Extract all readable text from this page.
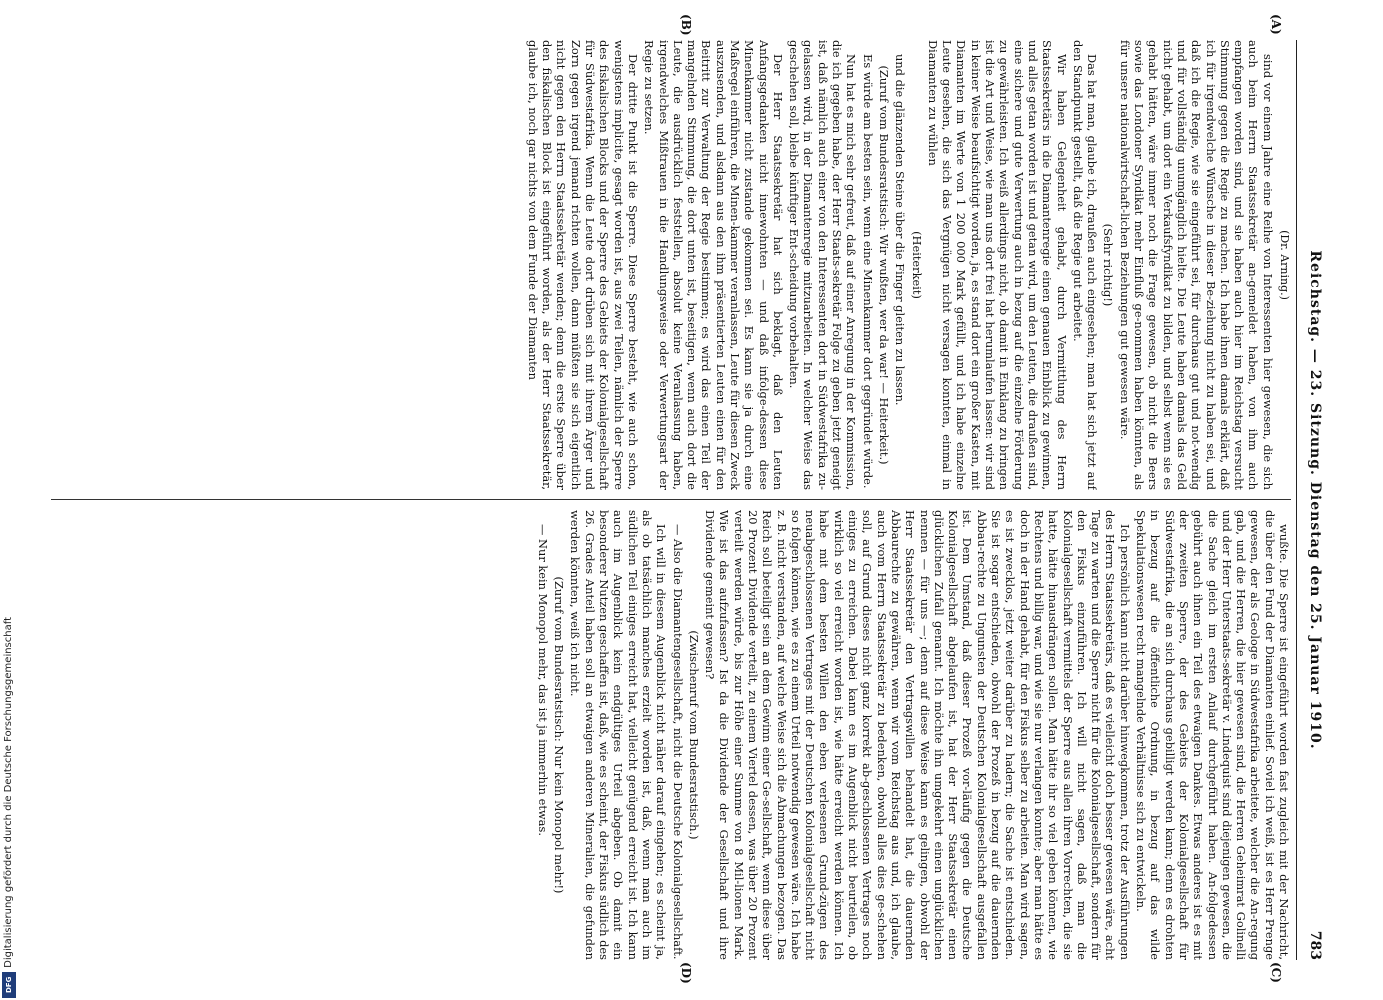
Reichstag. — 23. Sitzung. Dienstag den 25. Januar 1910.
783
(A)
(B)
(C)
(D)

(Dr. Arning.)

sind vor einem Jahre eine Reihe von Interessenten hier gewesen, die sich auch beim Herrn Staatssekretär an-gemeldet haben, von ihm auch empfangen worden sind, und sie haben auch hier im Reichstag versucht Stimmung gegen die Regie zu machen. Ich habe ihnen damals erklärt, daß ich für irgendwelche Wünsche in dieser Be-ziehung nicht zu haben sei, und daß ich die Regie, wie sie eingeführt sei, für durchaus gut und not-wendig und für vollständig unumgänglich hielte. Die Leute haben damals das Geld nicht gehabt, um dort ein Verkaufsfyndikat zu bilden, und selbst wenn sie es gehabt hätten, wäre immer noch die Frage gewesen, ob nicht die Beers sowie das Londoner Syndikat mehr Einfluß ge-nommen haben könnten, als für unsere nationalwirtschaft-lichen Beziehungen gut gewesen wäre.

(Sehr richtig!)

Das hat man, glaube ich, draußen auch eingesehen; man hat sich jetzt auf den Standpunkt gestellt, daß die Regie gut arbeitet.

Wir haben Gelegenheit gehabt, durch Vermittlung des Herrn Staatssekretärs in die Diamantenregie einen genauen Einblick zu gewinnen, und alles getan worden ist und getan wird, um den Leuten, die draußen sind, eine sichere und gute Verwertung auch in bezug auf die einzelne Förderung zu gewährleisten. Ich weiß allerdings nicht, ob damit in Einklang zu bringen ist die Art und Weise, wie man uns dort frei hat herumlaufen lassen: wir sind in keiner Weise beaufsichtigt worden, ja, es stand dort ein großer Kasten, mit Diamanten im Werte von 1 200 000 Mark gefüllt, und ich habe einzelne Leute gesehen, die sich das Vergnügen nicht versagen konnten, einmal in Diamanten zu wühlen

(Heiterkeit)

und die glänzenden Steine über die Finger gleiten zu lassen.

(Zuruf vom Bundesratstisch: Wir wußten, wer da war! — Heiterkeit.)

Es würde am besten sein, wenn eine Minenkammer dort gegründet würde.

Nun hat es mich sehr gefreut, daß auf einer Anregung in der Kommission, die ich gegeben habe, der Herr Staats-sekretär Folge zu geben jetzt geneigt ist, daß nämlich auch einer von den Interessenten dort in Südwestafrika zu-gelassen wird, in der Diamantenregie mitzuarbeiten. In welcher Weise das geschehen soll, bleibe künftiger Ent-scheidung vorbehalten.

Der Herr Staatssekretär hat sich beklagt, daß den Leuten Anfangsgedanken nicht innewohnten — und daß infolge-dessen diese Minenkammer nicht zustande gekommen sei. Es kann sie ja durch eine Maßregel einführen, die Minen-kammer veranlassen, Leute für diesen Zweck auszusenden, und alsdann aus den ihm präsentierten Leuten einen für den Beitritt zur Verwaltung der Regie bestimmen; es wird das einen Teil der mangelnden Stimmung, die dort unten ist, beseitigen, wenn auch dort die Leute, die ausdrücklich feststellen, absolut keine Veranlassung haben, irgendwelches Mißtrauen in die Handlungsweise oder Verwertungsart der Regie zu setzen.

Der dritte Punkt ist die Sperre. Diese Sperre besteht, wie auch schon, wenigstens implicite, gesagt worden ist, aus zwei Teilen, nämlich der Sperre des fiskalischen Blocks und der Sperre des Gebiets der Kolonialgesellschaft für Südwestafrika. Wenn die Leute dort drüben sich mit ihrem Ärger und Zorn gegen irgend jemand richten wollen, dann müßten sie sich eigentlich nicht gegen den Herrn Staatssekretär wenden; denn die erste Sperre über den fiskalischen Block ist eingeführt worden, als der Herr Staatssekretär, glaube ich, noch gar nichts von dem Funde der Diamanten

wußte. Die Sperre ist eingeführt worden fast zugleich mit der Nachricht, die über den Fund der Diamanten einlief. Soviel ich weiß, ist es Herr Prenge gewesen, der als Geologe in Südwestafrika arbeitete, welcher die An-regung gab, und die Herren, die hier gewesen sind, die Herren Geheimrat Golinelli und der Herr Unterstaats-sekretär v. Lindequist sind diejenigen gewesen, die die Sache gleich im ersten Anlauf durchgeführt haben. An-folgedessen gebührt auch ihnen ein Teil des etwaigen Dankes. Etwas anderes ist es mit der zweiten Sperre, der des Gebiets der Kolonialgesellschaft für Südwestafrika, die an sich durchaus gebilligt werden kann; denn es drohten in bezug auf die öffentliche Ordnung, in bezug auf das wilde Spekulationswesen recht mangelnde Verhältnisse sich zu entwickeln.

Ich persönlich kann nicht darüber hinwegkommen, trotz der Ausführungen des Herrn Staatssekretärs, daß es vielleicht doch besser gewesen wäre, acht Tage zu warten und die Sperre nicht für die Kolonialgesellschaft, sondern für den Fiskus einzuführen. Ich will nicht sagen, daß man die Kolonialgesellschaft vermittels der Sperre aus allen ihren Vorrechten, die sie hatte, hätte hinausdrängen sollen. Man hätte ihr so viel geben können, wie Rechtens und billig war, und wie sie nur verlangen konnte; aber man hätte es doch in der Hand gehabt, für den Fiskus selber zu arbeiten. Man wird sagen, es ist zwecklos, jetzt weiter darüber zu hadern; die Sache ist entschieden. Sie ist sogar entschieden, obwohl der Prozeß in bezug auf die dauernden Abbau-rechte zu Ungunsten der Deutschen Kolonialgesellschaft ausgefallen ist. Dem Umstand, daß dieser Prozeß vor-läufig gegen die Deutsche Kolonialgesellschaft abgelaufen ist, hat der Herr Staatssekretär einen glücklichen Zufall genannt. Ich möchte ihn umgekehrt einen unglücklichen nennen — für uns —; denn auf diese Weise kann es gelingen, obwohl der Herr Staatssekretär den Vertragswillen behandelt hat, die dauernden Abbaurechte zu gewähren, wenn wir vom Reichstag aus und, ich glaube, auch vom Herrn Staatssekretär zu bedenken, obwohl alles dies ge-schehen soll, auf Grund dieses nicht ganz korrekt ab-geschlossenen Vertrages noch einiges zu erreichen. Dabei kann es im Augenblick nicht beurteilen, ob wirklich so viel erreicht worden ist, wie hätte erreicht werden können. Ich habe mit dem besten Willen den eben verlesenen Grund-zügen des neuabgeschlossenen Vertrages mit der Deutschen Kolonialgesellschaft nicht so folgen können, wie es zu einem Urteil notwendig gewesen wäre. Ich habe z. B. nicht verstanden, auf welche Weise sich die Abmachungen bezogen. Das Reich soll beteiligt sein an dem Gewinn einer Ge-sellschaft, wenn diese über 20 Prozent Dividende verteilt, zu einem Viertel dessen, was über 20 Prozent verteilt werden würde, bis zur Höhe einer Summe von 8 Mil-lionen Mark. Wie ist das aufzufassen? Ist da die Dividende der Gesellschaft und ihre Dividende gemeint gewesen?

(Zwischenruf vom Bundesratstisch.)

— Also die Diamantengesellschaft, nicht die Deutsche Kolonialgesellschaft.

Ich will in diesem Augenblick nicht näher darauf eingehen; es scheint ja, als ob tatsächlich manches erzielt worden ist, daß, wenn man auch im südlichen Teil einiges erreicht hat, vielleicht genügend erreicht ist. Ich kann auch im Augenblick kein endgültiges Urteil abgeben. Ob damit ein besonderer Nutzen geschaffen ist, daß, wie es scheint, der Fiskus südlich des 26. Grades Anteil haben soll an etwaigen anderen Mineralien, die gefunden werden könnten, weiß ich nicht.

(Zuruf vom Bundesratstisch: Nur kein Monopol mehr!)

— Nur kein Monopol mehr, das ist ja immerhin etwas.

Digitalisierung gefördert durch die Deutsche Forschungsgemeinschaft
DFG
